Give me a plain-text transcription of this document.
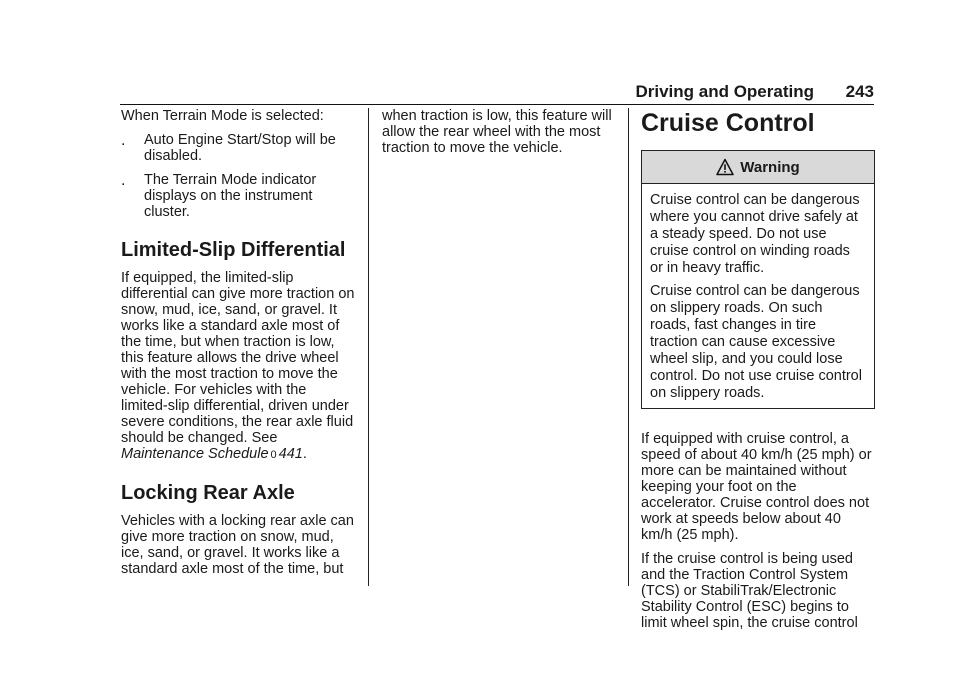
Driving and Operating 243

When Terrain Mode is selected:

. Auto Engine Start/Stop will be disabled.

. The Terrain Mode indicator displays on the instrument cluster.

Limited-Slip Differential

If equipped, the limited-slip differential can give more traction on snow, mud, ice, sand, or gravel. It works like a standard axle most of the time, but when traction is low, this feature allows the drive wheel with the most traction to move the vehicle. For vehicles with the limited-slip differential, driven under severe conditions, the rear axle fluid should be changed. See
Maintenance Schedule 0 441.

Locking Rear Axle

Vehicles with a locking rear axle can give more traction on snow, mud, ice, sand, or gravel. It works like a standard axle most of the time, but

when traction is low, this feature will allow the rear wheel with the most traction to move the vehicle.

Cruise Control
Warning

Cruise control can be dangerous where you cannot drive safely at a steady speed. Do not use cruise control on winding roads or in heavy traffic.

Cruise control can be dangerous on slippery roads. On such roads, fast changes in tire traction can cause excessive wheel slip, and you could lose control. Do not use cruise control on slippery roads.

If equipped with cruise control, a speed of about 40 km/h (25 mph) or more can be maintained without keeping your foot on the accelerator. Cruise control does not work at speeds below about 40 km/h (25 mph).

If the cruise control is being used and the Traction Control System (TCS) or StabiliTrak/Electronic Stability Control (ESC) begins to limit wheel spin, the cruise control
